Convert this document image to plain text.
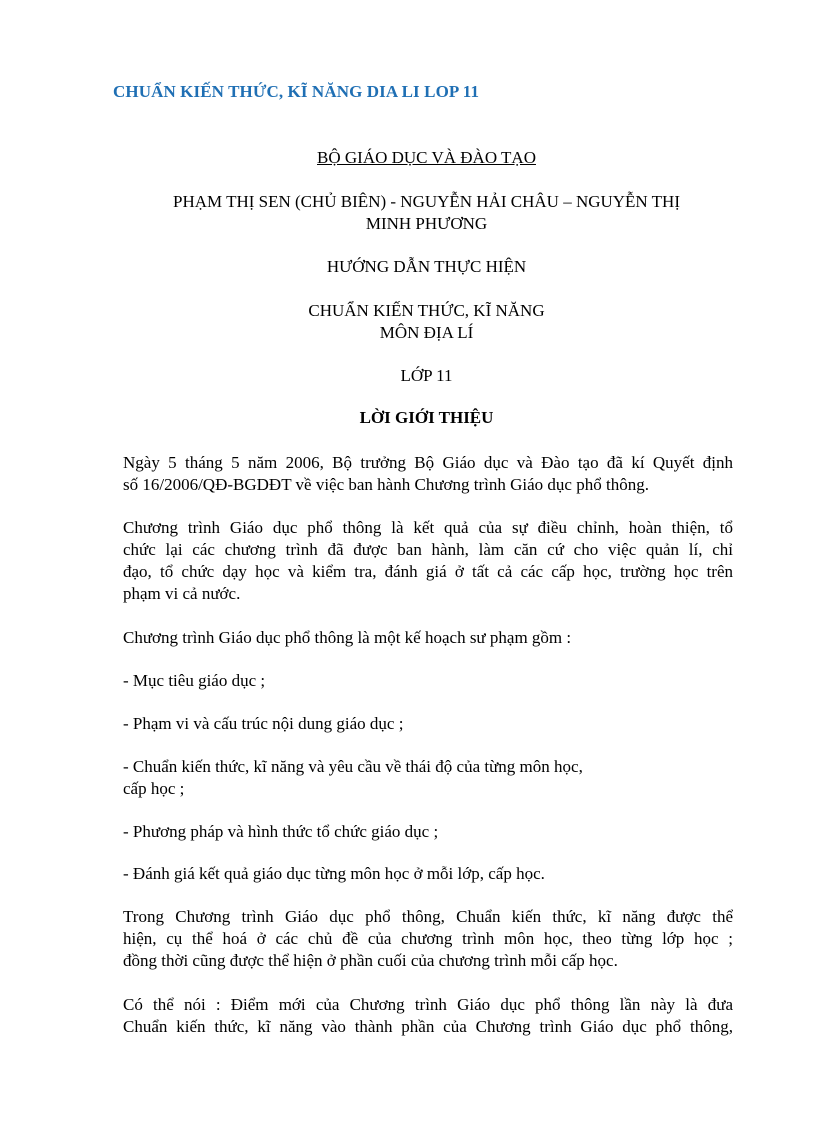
CHUẨN KIẾN THỨC, KĨ NĂNG DIA LI LOP 11
BỘ GIÁO DỤC VÀ ĐÀO TẠO
PHẠM THỊ SEN (CHỦ BIÊN) - NGUYỄN HẢI CHÂU – NGUYỄN THỊ
MINH PHƯƠNG
HƯỚNG DẪN THỰC HIỆN
CHUẨN KIẾN THỨC, KĨ NĂNG
MÔN ĐỊA LÍ
LỚP 11
LỜI GIỚI THIỆU
Ngày 5 tháng 5 năm 2006, Bộ trưởng Bộ Giáo dục và Đào tạo đã kí Quyết định
số 16/2006/QĐ-BGDĐT về việc ban hành Chương trình Giáo dục phổ thông.
Chương trình Giáo dục phổ thông là kết quả của sự điều chỉnh, hoàn thiện, tổ
chức lại các chương trình đã được ban hành, làm căn cứ cho việc quản lí, chỉ
đạo, tổ chức dạy học và kiểm tra, đánh giá ở tất cả các cấp học, trường học trên
phạm vi cả nước.
Chương trình Giáo dục phổ thông là một kế hoạch sư phạm gồm :
- Mục tiêu giáo dục ;
- Phạm vi và cấu trúc nội dung giáo dục ;
- Chuẩn kiến thức, kĩ năng và yêu cầu về thái độ của từng môn học,
cấp học ;
- Phương pháp và hình thức tổ chức giáo dục ;
- Đánh giá kết quả giáo dục từng môn học ở mỗi lớp, cấp học.
Trong Chương trình Giáo dục phổ thông, Chuẩn kiến thức, kĩ năng được thể
hiện, cụ thể hoá ở các chủ đề của chương trình môn học, theo từng lớp học ;
đồng thời cũng được thể hiện ở phần cuối của chương trình mỗi cấp học.
Có thể nói : Điểm mới của Chương trình Giáo dục phổ thông lần này là đưa
Chuẩn kiến thức, kĩ năng vào thành phần của Chương trình Giáo dục phổ thông,
